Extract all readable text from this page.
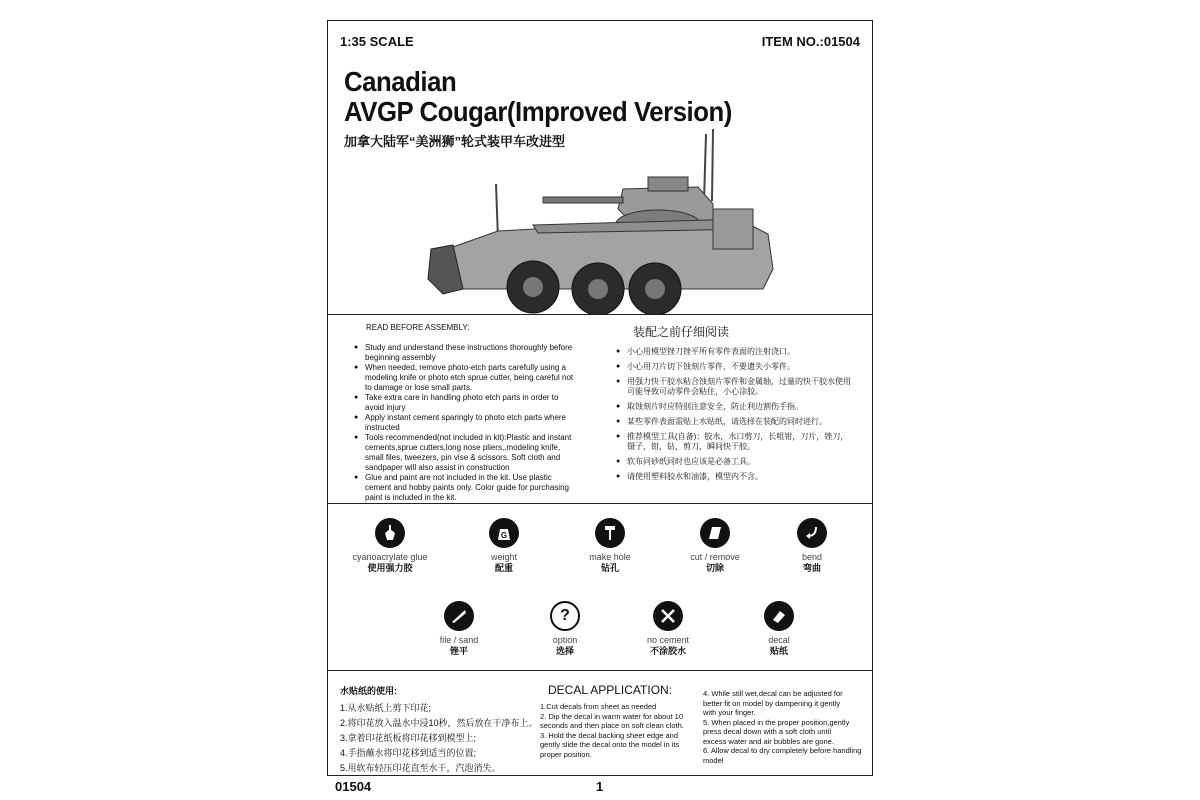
1:35 SCALE	ITEM NO.:01504
Canadian
AVGP Cougar(Improved Version)
加拿大陆军“美洲狮”轮式装甲车改进型
READ BEFORE ASSEMBLY:
● Study and understand these instructions thoroughly before beginning assembly
● When needed, remove photo-etch parts carefully using a modeling knife or photo etch sprue cutter, being careful not to damage or lose small parts.
● Take extra care in handling photo etch parts in order to avoid injury
● Apply instant cement sparingly to photo etch parts where instructed
● Tools recommended(not included in kit):Plastic and instant cements,sprue cutters,long nose pliers,,modeling knife, small files, tweezers, pin vise & scissors. Soft cloth and sandpaper will also assist in construction
● Glue and paint are not included in the kit. Use plastic cement and hobby paints only. Color guide for purchasing paint is included in the kit.
装配之前仔细阅读
● 小心用模型锉刀锉平所有零件表面的注射浇口。
● 小心用刀片切下蚀刻片零件，不要遗失小零件。
● 用强力快干胶水粘合蚀刻片零件和金属轴，过量的快干胶水使用可能导致可动零件会粘住，小心涂胶。
● 取蚀刻片时应特别注意安全，防止利边割伤手指。
● 某些零件表面需贴上水贴纸，请选择在装配的同时进行。
● 推荐模型工具(自备)：胶水，水口剪刀，长咀钳，刀片，锉刀，镊子，钳，钻，剪刀，瞬间快干胶。
● 软布同砂纸同时也应该是必备工具。
● 请使用塑料胶水和油漆，模型内不含。
cyanoacrylate glue
使用强力胶
G
weight
配重
make hole
钻孔
cut / remove
切除
bend
弯曲
file / sand
锉平
?
option
选择
no cement
不涂胶水
decal
贴纸
水贴纸的使用:
1.从水贴纸上剪下印花;
2.将印花放入温水中浸10秒，然后放在干净布上。
3.拿着印花纸板将印花移到模型上;
4.手指蘸水将印花移到适当的位置;
5.用软布轻压印花直至水干，汽泡消失。
DECAL APPLICATION:
1.Cut decals from sheet as needed
2. Dip the decal in warm water for about 10
seconds and then place on soft clean cloth.
3. Hold the decal backing sheet edge and
gently slide the decal onto the model in its
proper position.
4. While still wet,decal can be adjusted for
better fit on model by dampening it gently
with your finger.
5. When placed in the proper position,gently
press decal down with a soft cloth until
excess water and air bubbles are gone.
6. Allow decal to dry completely before handling
model
01504	1
